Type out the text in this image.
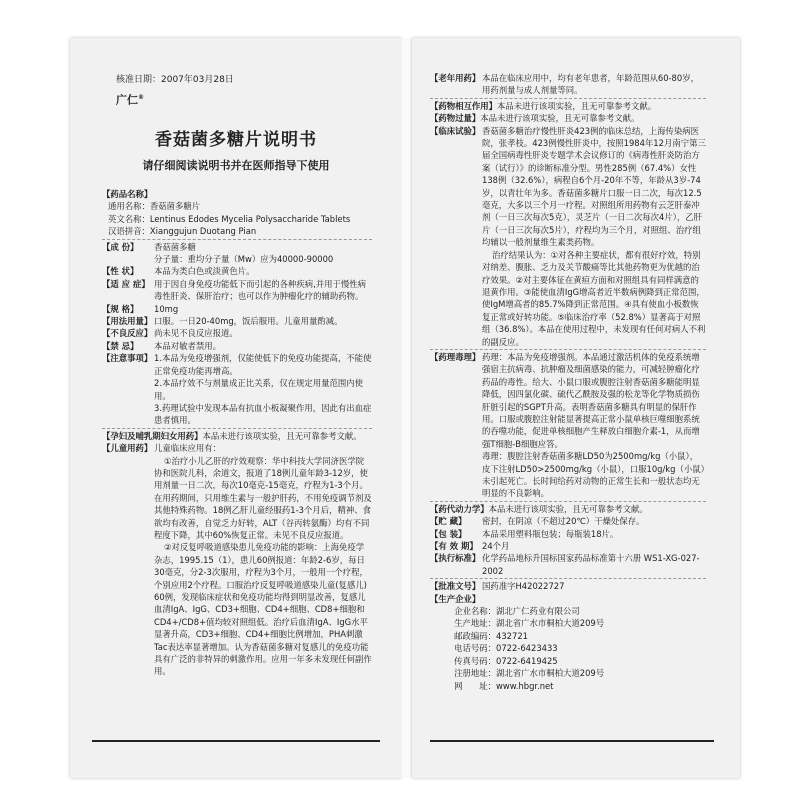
核准日期：2007年03月28日
广仁®
香菇菌多糖片说明书
请仔细阅读说明书并在医师指导下使用
【药品名称】
通用名称：香菇菌多糖片
英文名称：Lentinus Edodes Mycelia Polysaccharide Tablets
汉语拼音：Xianggujun Duotang Pian
【成 份】	香菇菌多糖
分子量：重均分子量（Mw）应为40000-90000
【性 状】	本品为类白色或淡黄色片。
【适 应 症】 用于因自身免疫功能低下而引起的各种疾病,并用于慢性病毒性肝炎、保肝治疗；也可以作为肿瘤化疗的辅助药物。
【规 格】	10mg
【用法用量】 口服。一日20-40mg，饭后服用。儿童用量酌减。
【不良反应】 尚未见不良反应报道。
【禁 忌】	本品对敏者禁用。
【注意事项】 1.本品为免疫增强剂，仅能使低下的免疫功能提高，不能使正常免疫功能再增高。
2.本品疗效不与剂量成正比关系，仅在规定用量范围内使用。
3.药理试验中发现本品有抗血小板凝聚作用，因此有出血症患者慎用。
【孕妇及哺乳期妇女用药】本品未进行该项实验，且无可靠参考文献。
【儿童用药】 儿童临床应用有：
①治疗小儿乙肝的疗效观察：华中科技大学同济医学院协和医院儿科，余道文，报道了18例儿童年龄3-12岁，使用剂量一日二次，每次10毫克-15毫克，疗程为1-3个月。在用药期间，只用维生素与一般护肝药，不用免疫调节剂及其他特殊药物。18例乙肝儿童经服药1-3个月后，精神、食欲均有改善，自觉乏力好转，ALT（谷丙转氨酶）均有不同程度下降，其中60%恢复正常。未见不良反应报道。
②对反复呼吸道感染患儿免疫功能的影响：上海免疫学杂志，1995.15（1），患儿60例报道：年龄2-6岁，每日30毫克，分2-3次服用，疗程为3个月，一般用一个疗程，个别应用2个疗程。口服治疗反复呼吸道感染儿童(复感儿) 60例，发现临床症状和免疫功能均得到明显改善，复感儿血清IgA、IgG、CD3+细胞、CD4+细胞、CD8+细胞和CD4+/CD8+值均较对照组低。治疗后血清IgA、IgG水平显著升高，CD3+细胞、CD4+细胞比例增加，PHA刺激Tac表达率显著增加。认为香菇菌多糖对复感儿的免疫功能具有广泛的非特异的刺激作用。应用一年多未发现任何副作用。
【老年用药】 本品在临床应用中，均有老年患者，年龄范围从60-80岁，用药剂量与成人剂量等同。
【药物相互作用】本品未进行该项实验，且无可靠参考文献。
【药物过量】本品未进行该项实验，且无可靠参考文献。
【临床试验】 香菇菌多糖治疗慢性肝炎423例的临床总结，上海传染病医院，张孝枝。423例慢性肝炎中，按照1984年12月南宁第三届全国病毒性肝炎专题学术会议修订的《病毒性肝炎防治方案（试行）》的诊断标准分型。男性285例（67.4%）女性138例（32.6%），病程自6个月-20年不等，年龄从3岁-74岁，以青壮年为多。香菇菌多糖片口服一日二次，每次12.5毫克，大多以三个月一疗程。对照组所用药物有云芝肝泰冲剂（一日三次每次5克），灵芝片（一日二次每次4片），乙肝片（一日三次每次5片），疗程均为三个月，对照组、治疗组均辅以一般剂量维生素类药物。
治疗结果认为：①对各种主要症状，都有很好疗效，特别对纳差、腹胀、乏力及关节酸痛等比其他药物更为优越的治疗效果。②对主要体征在黄疸方面和对照组具有同样满意的退黄作用。③能使血清IgG增高者近半数病例降到正常范围，使IgM增高者的85.7%降到正常范围。④具有使血小板数恢复正常或好转功能。⑤临床治疗率（52.8%）显著高于对照组（36.8%）。本品在使用过程中，未发现有任何对病人不利的副反应。
【药理毒理】 药理：本品为免疫增强剂。本品通过激活机体的免疫系统增强宿主抗病毒、抗肿瘤及细菌感染的能力，可减轻肿瘤化疗药品的毒性。给大、小鼠口服或腹腔注射香菇菌多糖能明显降低，因四氯化碳、硫代乙酰胺及强的松龙等化学物质损伤肝脏引起的SGPT升高。表明香菇菌多糖具有明显的保肝作用。口服或腹腔注射能显著提高正常小鼠单核巨噬细胞系统的吞噬功能，促进单核细胞产生释放白细胞介素-1，从而增强T细胞-B细胞应答。
毒理：腹腔注射香菇菌多糖LD50为2500mg/kg（小鼠），皮下注射LD50>2500mg/kg（小鼠），口服10g/kg（小鼠）未引起死亡。长时间给药对动物的正常生长和一般状态均无明显的不良影响。
【药代动力学】本品未进行该项实验，且无可靠参考文献。
【贮 藏】	密封，在阴凉（不超过20℃）干燥处保存。
【包 装】	本品采用塑料瓶包装；每瓶装18片。
【有 效 期】 24个月
【执行标准】 化学药品地标升国标国家药品标准第十六册 WS1-XG-027-2002
【批准文号】 国药准字H42022727
【生产企业】
企业名称： 湖北广仁药业有限公司
生产地址： 湖北省广水市桐柏大道209号
邮政编码： 432721
电话号码： 0722-6423433
传真号码： 0722-6419425
注册地址： 湖北省广水市桐柏大道209号
网　　址： www.hbgr.net
